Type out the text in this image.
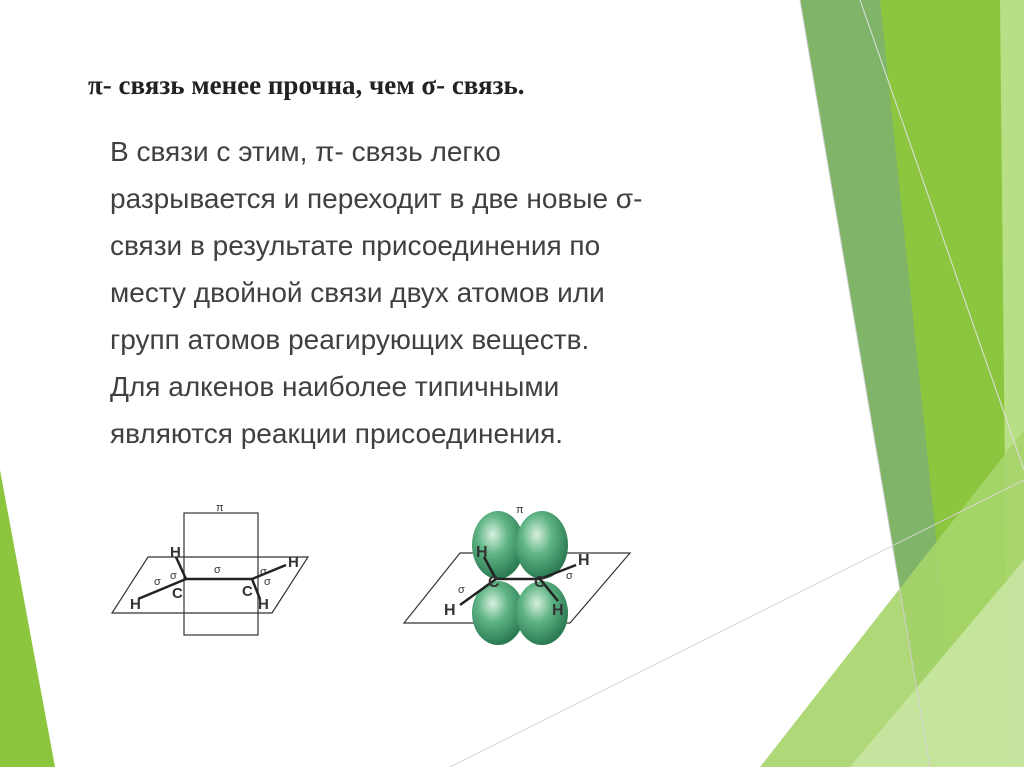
π- связь менее прочна, чем σ- связь.
В связи с этим, π- связь легко
разрывается и переходит в две новые σ-
связи в результате присоединения по
месту двойной связи двух атомов или
групп атомов реагирующих веществ.
Для алкенов наиболее типичными
являются реакции присоединения.
π
σ
σ
σ
σ
σ
H
H
H
H
C	C
π
σ
σ
H	H
H	H
C C
